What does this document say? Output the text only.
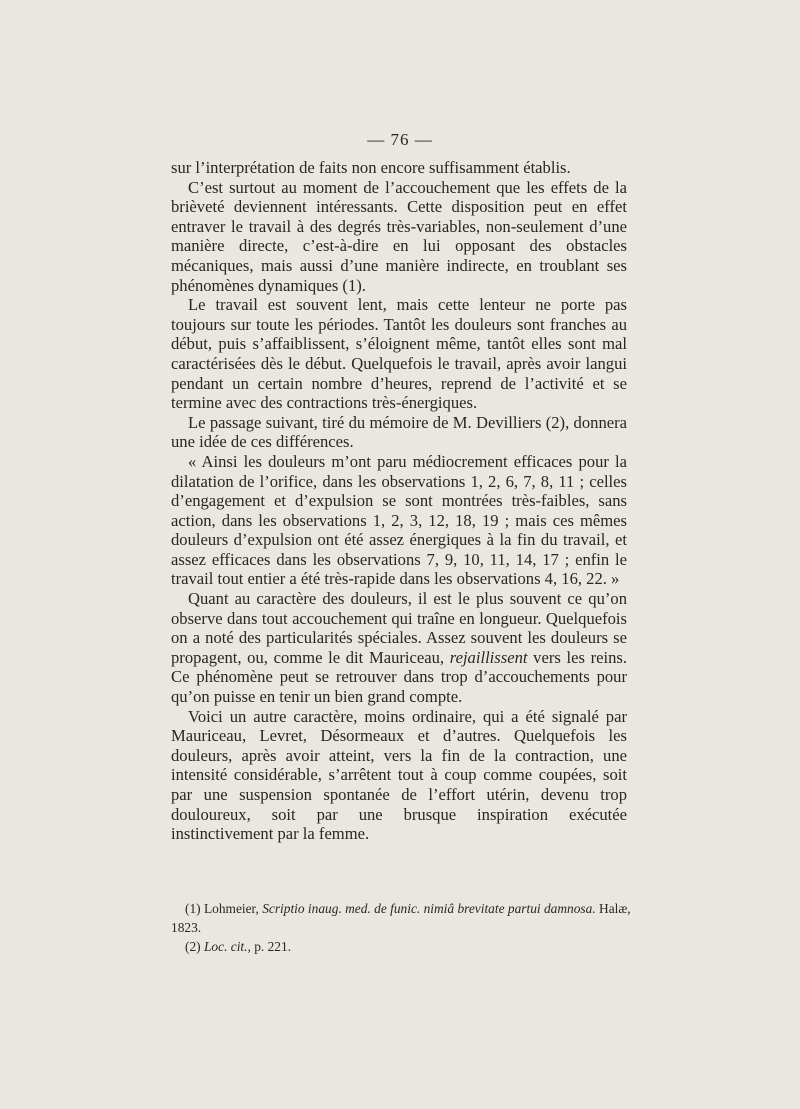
— 76 —

sur l’interprétation de faits non encore suffisamment établis.

C’est surtout au moment de l’accouchement que les effets de la brièveté deviennent intéressants. Cette disposition peut en effet entraver le travail à des degrés très-variables, non-seulement d’une manière directe, c’est-à-dire en lui opposant des obstacles mécaniques, mais aussi d’une manière indirecte, en troublant ses phénomènes dynamiques (1).

Le travail est souvent lent, mais cette lenteur ne porte pas toujours sur toute les périodes. Tantôt les douleurs sont franches au début, puis s’affaiblissent, s’éloignent même, tantôt elles sont mal caractérisées dès le début. Quelquefois le travail, après avoir langui pendant un certain nombre d’heures, reprend de l’activité et se termine avec des contractions très-énergiques.

Le passage suivant, tiré du mémoire de M. Devilliers (2), donnera une idée de ces différences.

« Ainsi les douleurs m’ont paru médiocrement efficaces pour la dilatation de l’orifice, dans les observations 1, 2, 6, 7, 8, 11 ; celles d’engagement et d’expulsion se sont montrées très-faibles, sans action, dans les observations 1, 2, 3, 12, 18, 19 ; mais ces mêmes douleurs d’expulsion ont été assez énergiques à la fin du travail, et assez efficaces dans les observations 7, 9, 10, 11, 14, 17 ; enfin le travail tout entier a été très-rapide dans les observations 4, 16, 22. »

Quant au caractère des douleurs, il est le plus souvent ce qu’on observe dans tout accouchement qui traîne en longueur. Quelquefois on a noté des particularités spéciales. Assez souvent les douleurs se propagent, ou, comme le dit Mauriceau, rejaillissent vers les reins. Ce phénomène peut se retrouver dans trop d’accouchements pour qu’on puisse en tenir un bien grand compte.

Voici un autre caractère, moins ordinaire, qui a été signalé par Mauriceau, Levret, Désormeaux et d’autres. Quelquefois les douleurs, après avoir atteint, vers la fin de la contraction, une intensité considérable, s’arrêtent tout à coup comme coupées, soit par une suspension spontanée de l’effort utérin, devenu trop douloureux, soit par une brusque inspiration exécutée instinctivement par la femme.

(1) Lohmeier, Scriptio inaug. med. de funic. nimiâ brevitate partui damnosa. Halæ, 1823.

(2) Loc. cit., p. 221.
